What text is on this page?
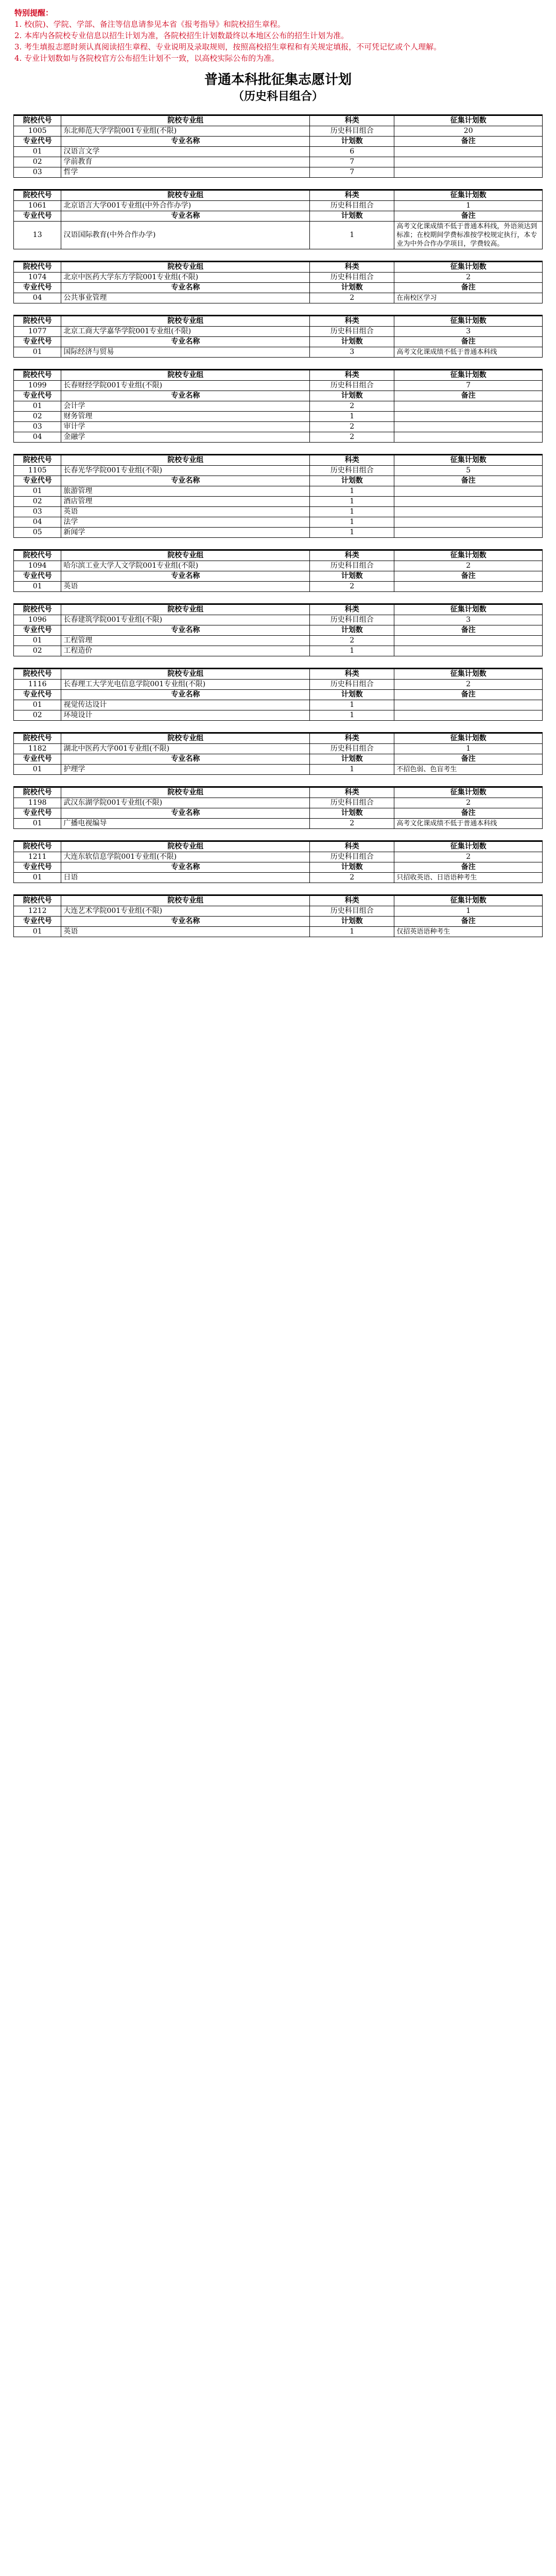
特别提醒：
1. 校(院)、学院、学部、备注等信息请参见本省《报考指导》和院校招生章程。
2. 本库内各院校专业信息以招生计划为准，各院校招生计划数最终以本地区公布的招生计划为准。
3. 考生填报志愿时须认真阅读招生章程、专业说明及录取规则，按照高校招生章程和有关规定填报，不可凭记忆或个人理解。
4. 专业计划数如与各院校官方公布招生计划不一致，以高校实际公布的为准。
普通本科批征集志愿计划
（历史科目组合）
院校代号	院校专业组	科类	征集计划数
1005	东北师范大学学院001专业组(不限)	历史科目组合	20
专业代号	专业名称	计划数	备注
01	汉语言文学	6	
02	学前教育	7	
03	哲学	7	
院校代号	院校专业组	科类	征集计划数
1061	北京语言大学001专业组(中外合作办学)	历史科目组合	1
专业代号	专业名称	计划数	备注
13	汉语国际教育(中外合作办学)	1	高考文化课成绩不低于普通本科线，外语须达到标准；在校期间学费标准按学校规定执行，本专业为中外合作办学项目，学费较高。
院校代号	院校专业组	科类	征集计划数
1074	北京中医药大学东方学院001专业组(不限)	历史科目组合	2
专业代号	专业名称	计划数	备注
04	公共事业管理	2	在南校区学习
院校代号	院校专业组	科类	征集计划数
1077	北京工商大学嘉华学院001专业组(不限)	历史科目组合	3
专业代号	专业名称	计划数	备注
01	国际经济与贸易	3	高考文化课成绩不低于普通本科线
院校代号	院校专业组	科类	征集计划数
1099	长春财经学院001专业组(不限)	历史科目组合	7
专业代号	专业名称	计划数	备注
01	会计学	2	
02	财务管理	1	
03	审计学	2	
04	金融学	2	
院校代号	院校专业组	科类	征集计划数
1105	长春光华学院001专业组(不限)	历史科目组合	5
专业代号	专业名称	计划数	备注
01	旅游管理	1	
02	酒店管理	1	
03	英语	1	
04	法学	1	
05	新闻学	1	
院校代号	院校专业组	科类	征集计划数
1094	哈尔滨工业大学人文学院001专业组(不限)	历史科目组合	2
专业代号	专业名称	计划数	备注
01	英语	2	
院校代号	院校专业组	科类	征集计划数
1096	长春建筑学院001专业组(不限)	历史科目组合	3
专业代号	专业名称	计划数	备注
01	工程管理	2	
02	工程造价	1	
院校代号	院校专业组	科类	征集计划数
1116	长春理工大学光电信息学院001专业组(不限)	历史科目组合	2
专业代号	专业名称	计划数	备注
01	视觉传达设计	1	
02	环境设计	1	
院校代号	院校专业组	科类	征集计划数
1182	湖北中医药大学001专业组(不限)	历史科目组合	1
专业代号	专业名称	计划数	备注
01	护理学	1	不招色弱、色盲考生
院校代号	院校专业组	科类	征集计划数
1198	武汉东湖学院001专业组(不限)	历史科目组合	2
专业代号	专业名称	计划数	备注
01	广播电视编导	2	高考文化课成绩不低于普通本科线
院校代号	院校专业组	科类	征集计划数
1211	大连东软信息学院001专业组(不限)	历史科目组合	2
专业代号	专业名称	计划数	备注
01	日语	2	只招收英语、日语语种考生
院校代号	院校专业组	科类	征集计划数
1212	大连艺术学院001专业组(不限)	历史科目组合	1
专业代号	专业名称	计划数	备注
01	英语	1	仅招英语语种考生
